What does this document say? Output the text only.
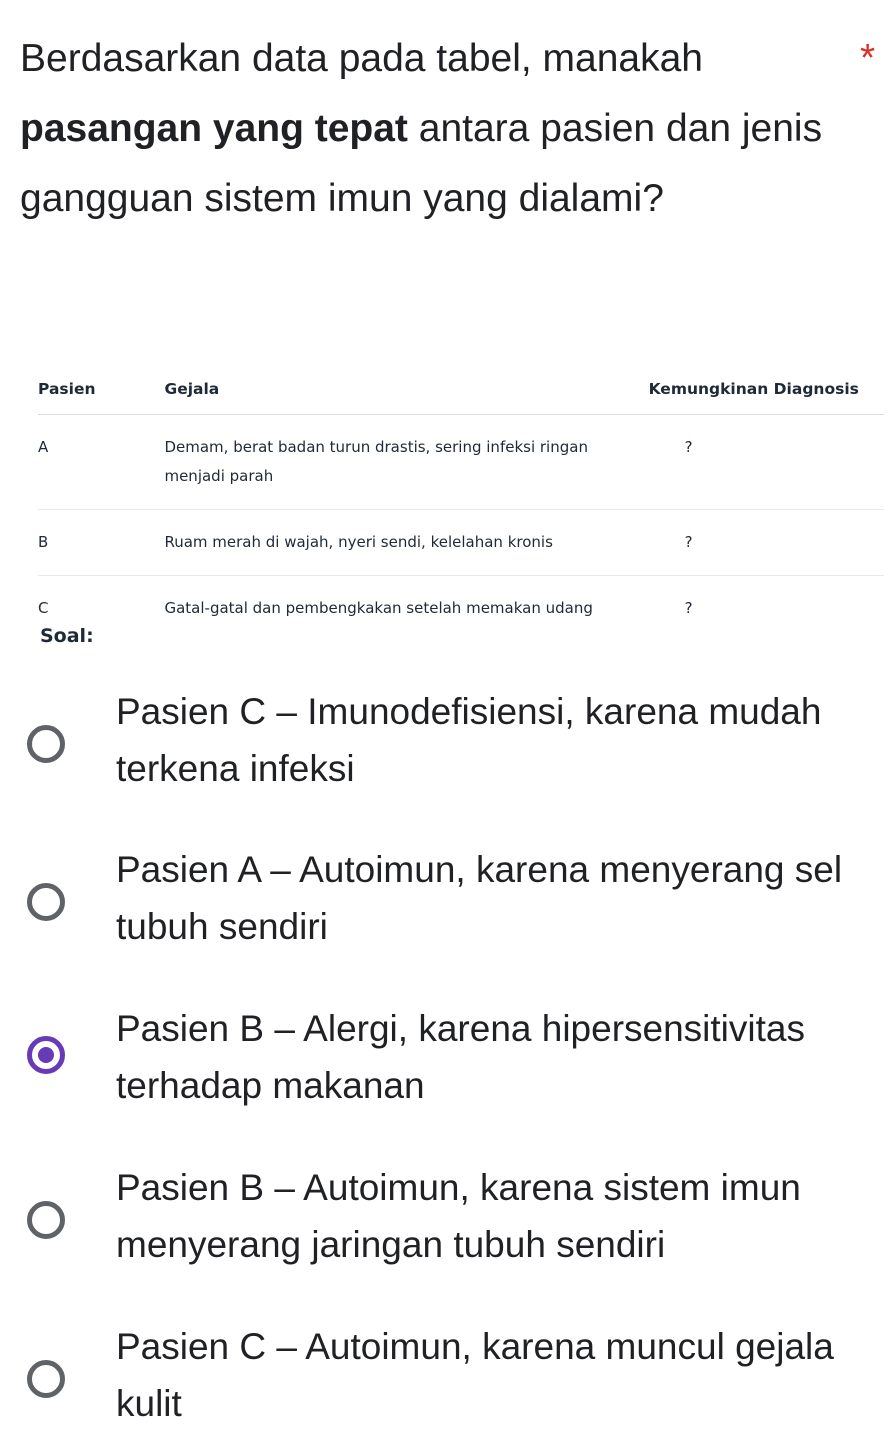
Berdasarkan data pada tabel, manakah
pasangan yang tepat antara pasien dan jenis gangguan sistem imun yang dialami?
*
Pasien	Gejala	Kemungkinan Diagnosis
A	Demam, berat badan turun drastis, sering infeksi ringan menjadi parah	?
B	Ruam merah di wajah, nyeri sendi, kelelahan kronis	?
C	Gatal-gatal dan pembengkakan setelah memakan udang	?
Soal:
Pasien C – Imunodefisiensi, karena mudah terkena infeksi
Pasien A – Autoimun, karena menyerang sel tubuh sendiri
Pasien B – Alergi, karena hipersensitivitas terhadap makanan
Pasien B – Autoimun, karena sistem imun menyerang jaringan tubuh sendiri
Pasien C – Autoimun, karena muncul gejala kulit
